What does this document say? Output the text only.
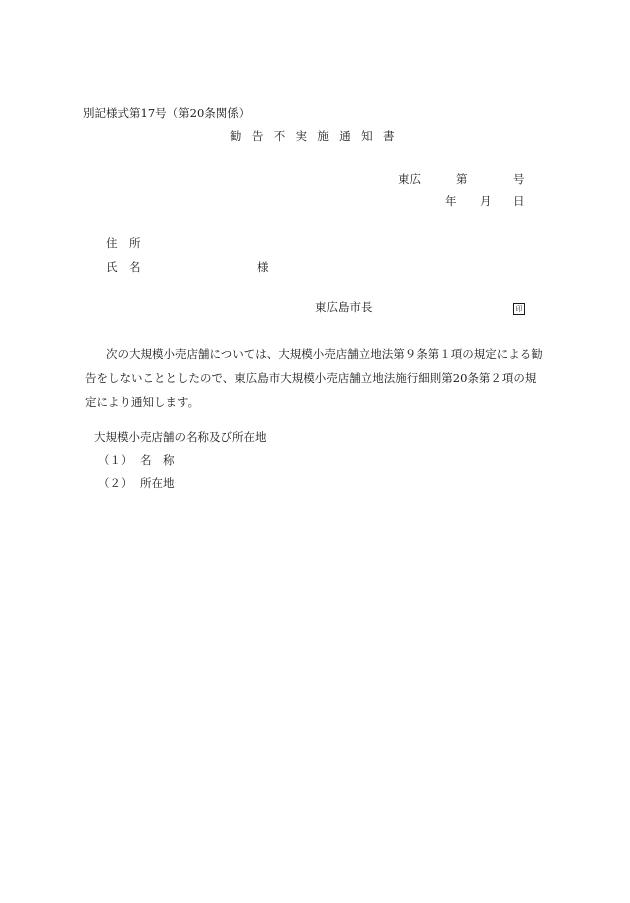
別記様式第17号（第20条関係）
勧告不実施通知書
東広	第	号
年 月 日
住　所
氏　名	様
東広島市長	印
次の大規模小売店舗については、大規模小売店舗立地法第９条第１項の規定による勧
告をしないこととしたので、東広島市大規模小売店舗立地法施行細則第20条第２項の規
定により通知します。
大規模小売店舗の名称及び所在地
（１） 名　称
（２） 所在地
